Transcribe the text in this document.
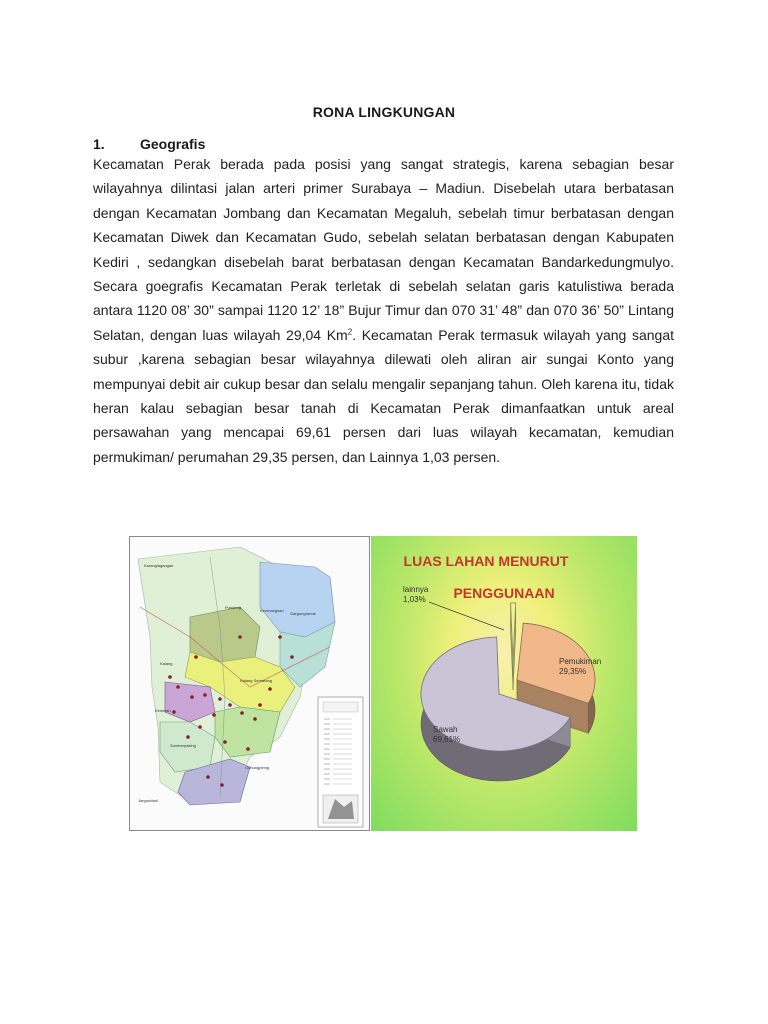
RONA LINGKUNGAN
1.	Geografis
Kecamatan Perak berada pada posisi yang sangat strategis, karena sebagian besar wilayahnya dilintasi jalan arteri primer Surabaya – Madiun. Disebelah utara berbatasan dengan Kecamatan Jombang dan Kecamatan Megaluh, sebelah timur berbatasan dengan Kecamatan Diwek dan Kecamatan Gudo, sebelah selatan berbatasan dengan Kabupaten Kediri , sedangkan disebelah barat berbatasan dengan Kecamatan Bandarkedungmulyo. Secara goegrafis Kecamatan Perak terletak di sebelah selatan garis katulistiwa berada antara 1120 08’ 30” sampai 1120 12’ 18” Bujur Timur dan 070 31’ 48” dan 070 36’ 50” Lintang Selatan, dengan luas wilayah 29,04 Km$^2$. Kecamatan Perak termasuk wilayah yang sangat subur ,karena sebagian besar wilayahnya dilewati oleh aliran air sungai Konto yang mempunyai debit air cukup besar dan selalu mengalir sepanjang tahun. Oleh karena itu, tidak heran kalau sebagian besar tanah di Kecamatan Perak dimanfaatkan untuk areal persawahan yang mencapai 69,61 persen dari luas wilayah kecamatan, kemudian permukiman/ perumahan 29,35 persen, dan Lainnya 1,03 persen.
Karanglagangan
Kembangsari
Pundong
Gargongrande
Kalang
Kemisan
Kalang Semarang
Sumberpaking
Gunungpiring
Jargondani
LUAS LAHAN MENURUT
PENGGUNAAN
Sawah
69,61%
Pemukiman
29,35%
lainnya
1,03%
